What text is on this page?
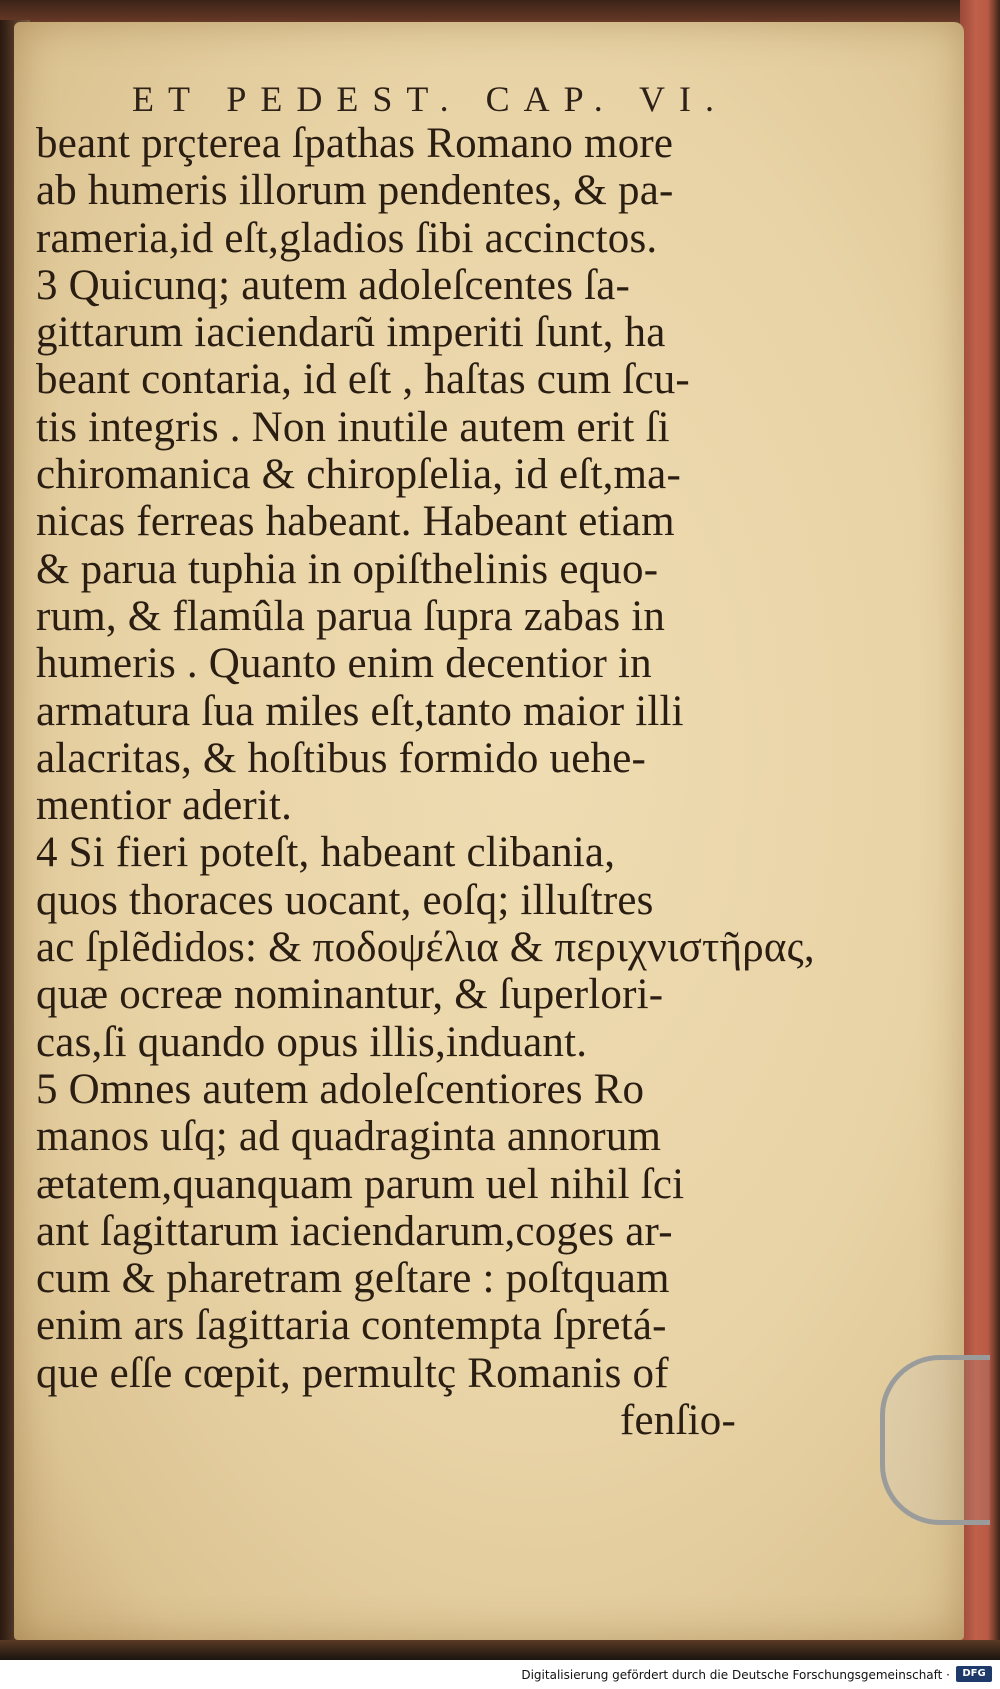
ET PEDEST. CAP. VI.
beant prçterea ſpathas Romano more
ab humeris illorum pendentes, & pa-
rameria,id eſt,gladios ſibi accinctos.
3 Quicunq; autem adoleſcentes ſa-
gittarum iaciendarũ imperiti ſunt, ha
beant contaria, id eſt , haſtas cum ſcu-
tis integris . Non inutile autem erit ſi
chiromanica & chiropſelia, id eſt,ma-
nicas ferreas habeant. Habeant etiam
& parua tuphia in opiſthelinis equo-
rum, & flamûla parua ſupra zabas in
humeris . Quanto enim decentior in
armatura ſua miles eſt,tanto maior illi
alacritas, & hoſtibus formido uehe-
mentior aderit.
4 Si fieri poteſt, habeant clibania,
quos thoraces uocant, eoſq; illuſtres
ac ſplẽdidos: & ποδοψέλια & περιχνιστῆρας,
quæ ocreæ nominantur, & ſuperlori-
cas,ſi quando opus illis,induant.
5 Omnes autem adoleſcentiores Ro
manos uſq; ad quadraginta annorum
ætatem,quanquam parum uel nihil ſci
ant ſagittarum iaciendarum,coges ar-
cum & pharetram geſtare : poſtquam
enim ars ſagittaria contempta ſpretá-
que eſſe cœpit, permultç Romanis of
fenſio-
Digitalisierung gefördert durch die Deutsche Forschungsgemeinschaft ·	DFG
